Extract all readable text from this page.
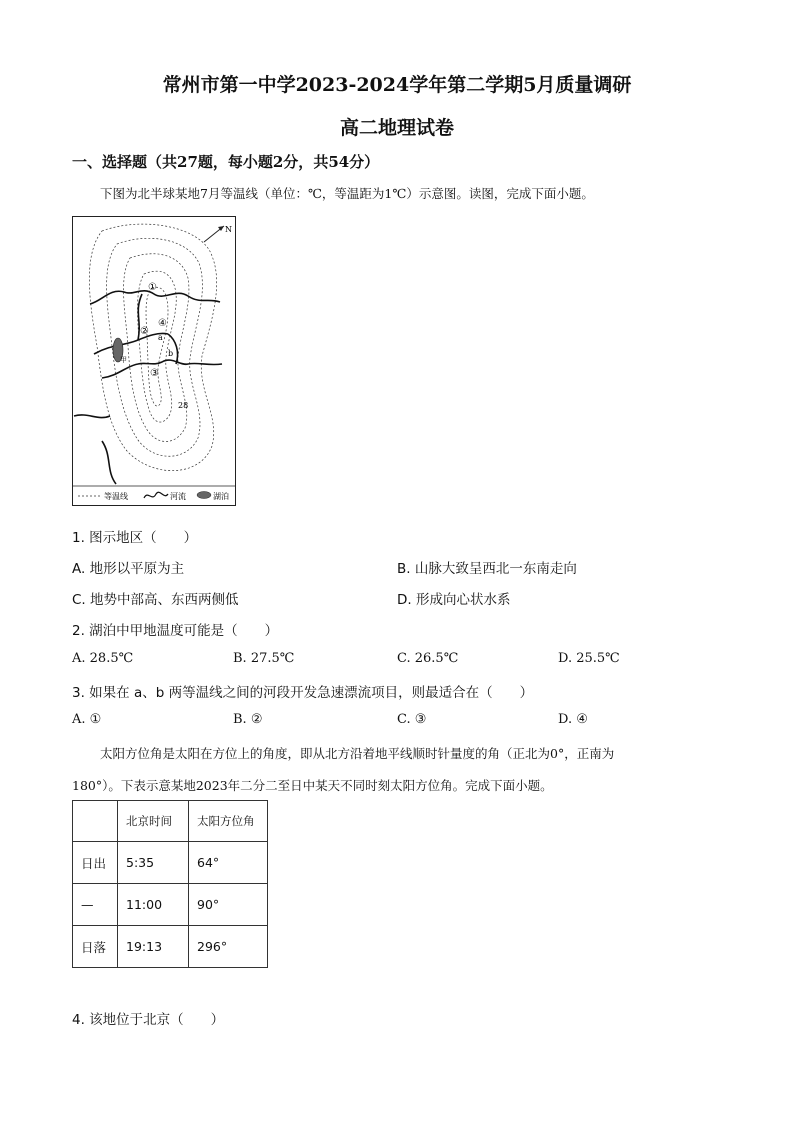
常州市第一中学2023-2024学年第二学期5月质量调研
高二地理试卷
一、选择题（共27题，每小题2分，共54分）
下图为北半球某地7月等温线（单位：℃，等温距为1℃）示意图。读图，完成下面小题。
N
①
②
④
③
a
b
甲
28
等温线	河流	湖泊
1. 图示地区（　　）
A. 地形以平原为主	B. 山脉大致呈西北一东南走向
C. 地势中部高、东西两侧低	D. 形成向心状水系
2. 湖泊中甲地温度可能是（　　）
A. 28.5℃	B. 27.5℃	C. 26.5℃	D. 25.5℃
3. 如果在 a、b 两等温线之间的河段开发急速漂流项目，则最适合在（　　）
A. ①	B. ②	C. ③	D. ④
太阳方位角是太阳在方位上的角度，即从北方沿着地平线顺时针量度的角（正北为0°，正南为
180°）。下表示意某地2023年二分二至日中某天不同时刻太阳方位角。完成下面小题。
	北京时间	太阳方位角
日出	5:35	64°
—	11:00	90°
日落	19:13	296°
4. 该地位于北京（　　）
